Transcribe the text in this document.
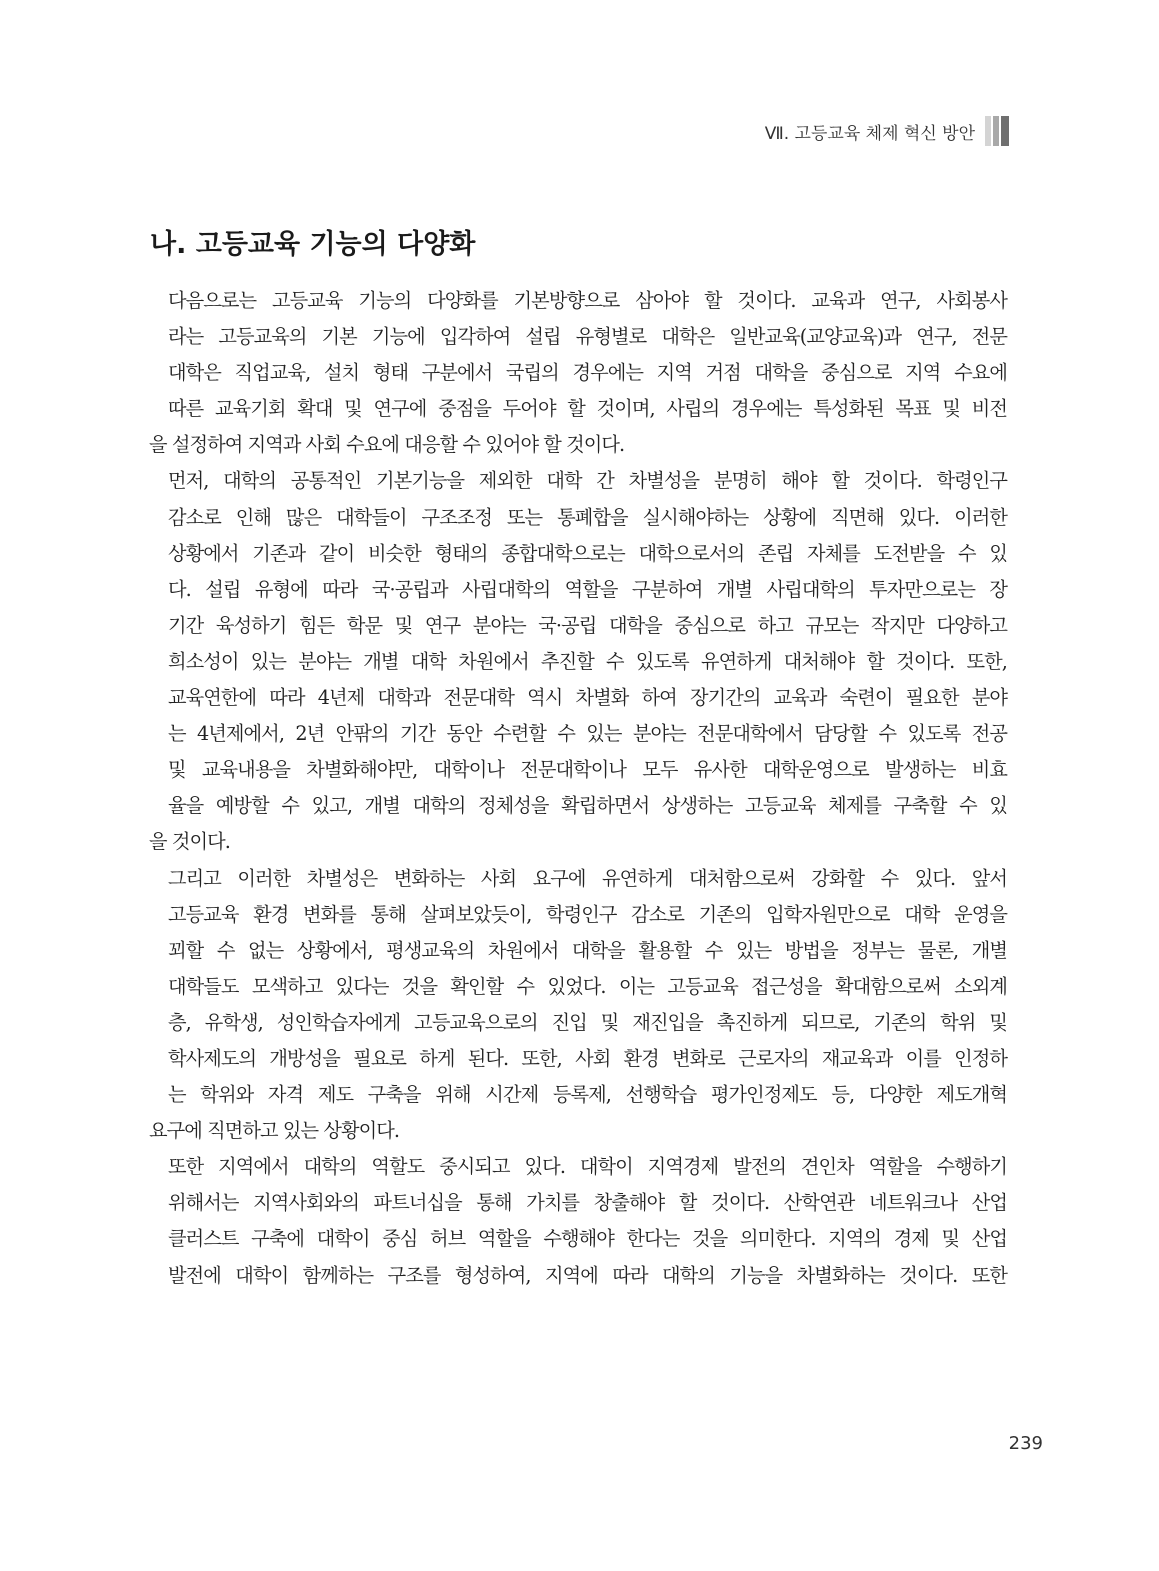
Ⅶ. 고등교육 체제 혁신 방안
나. 고등교육 기능의 다양화
다음으로는 고등교육 기능의 다양화를 기본방향으로 삼아야 할 것이다. 교육과 연구, 사회봉사
라는 고등교육의 기본 기능에 입각하여 설립 유형별로 대학은 일반교육(교양교육)과 연구, 전문
대학은 직업교육, 설치 형태 구분에서 국립의 경우에는 지역 거점 대학을 중심으로 지역 수요에
따른 교육기회 확대 및 연구에 중점을 두어야 할 것이며, 사립의 경우에는 특성화된 목표 및 비전
을 설정하여 지역과 사회 수요에 대응할 수 있어야 할 것이다.
먼저, 대학의 공통적인 기본기능을 제외한 대학 간 차별성을 분명히 해야 할 것이다. 학령인구
감소로 인해 많은 대학들이 구조조정 또는 통폐합을 실시해야하는 상황에 직면해 있다. 이러한
상황에서 기존과 같이 비슷한 형태의 종합대학으로는 대학으로서의 존립 자체를 도전받을 수 있
다. 설립 유형에 따라 국·공립과 사립대학의 역할을 구분하여 개별 사립대학의 투자만으로는 장
기간 육성하기 힘든 학문 및 연구 분야는 국·공립 대학을 중심으로 하고 규모는 작지만 다양하고
희소성이 있는 분야는 개별 대학 차원에서 추진할 수 있도록 유연하게 대처해야 할 것이다. 또한,
교육연한에 따라 4년제 대학과 전문대학 역시 차별화 하여 장기간의 교육과 숙련이 필요한 분야
는 4년제에서, 2년 안팎의 기간 동안 수련할 수 있는 분야는 전문대학에서 담당할 수 있도록 전공
및 교육내용을 차별화해야만, 대학이나 전문대학이나 모두 유사한 대학운영으로 발생하는 비효
율을 예방할 수 있고, 개별 대학의 정체성을 확립하면서 상생하는 고등교육 체제를 구축할 수 있
을 것이다.
그리고 이러한 차별성은 변화하는 사회 요구에 유연하게 대처함으로써 강화할 수 있다. 앞서
고등교육 환경 변화를 통해 살펴보았듯이, 학령인구 감소로 기존의 입학자원만으로 대학 운영을
꾀할 수 없는 상황에서, 평생교육의 차원에서 대학을 활용할 수 있는 방법을 정부는 물론, 개별
대학들도 모색하고 있다는 것을 확인할 수 있었다. 이는 고등교육 접근성을 확대함으로써 소외계
층, 유학생, 성인학습자에게 고등교육으로의 진입 및 재진입을 촉진하게 되므로, 기존의 학위 및
학사제도의 개방성을 필요로 하게 된다. 또한, 사회 환경 변화로 근로자의 재교육과 이를 인정하
는 학위와 자격 제도 구축을 위해 시간제 등록제, 선행학습 평가인정제도 등, 다양한 제도개혁
요구에 직면하고 있는 상황이다.
또한 지역에서 대학의 역할도 중시되고 있다. 대학이 지역경제 발전의 견인차 역할을 수행하기
위해서는 지역사회와의 파트너십을 통해 가치를 창출해야 할 것이다. 산학연관 네트워크나 산업
클러스트 구축에 대학이 중심 허브 역할을 수행해야 한다는 것을 의미한다. 지역의 경제 및 산업
발전에 대학이 함께하는 구조를 형성하여, 지역에 따라 대학의 기능을 차별화하는 것이다. 또한
239
